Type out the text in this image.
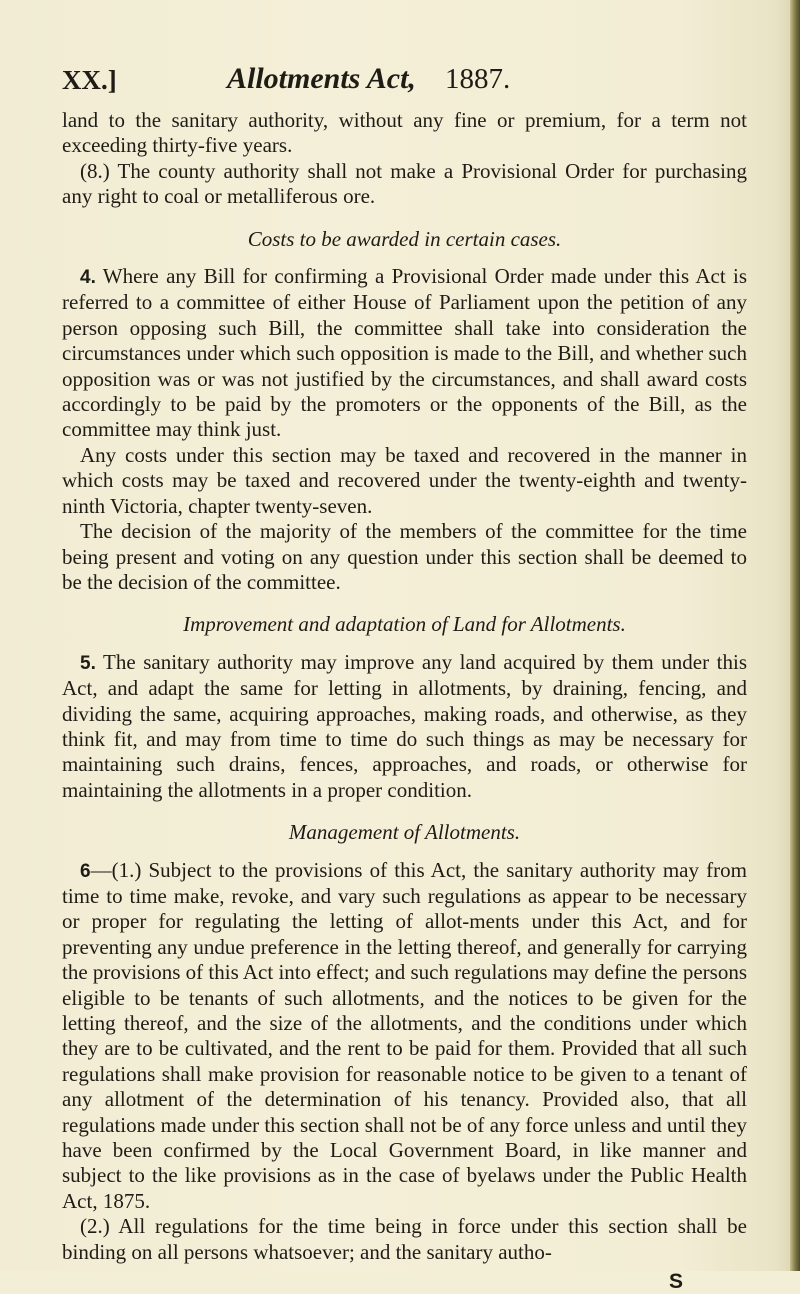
XX.]	Allotments Act, 1887.

land to the sanitary authority, without any fine or premium, for a term not exceeding thirty-five years.

(8.) The county authority shall not make a Provisional Order for purchasing any right to coal or metalliferous ore.

Costs to be awarded in certain cases.

4. Where any Bill for confirming a Provisional Order made under this Act is referred to a committee of either House of Parliament upon the petition of any person opposing such Bill, the committee shall take into consideration the circumstances under which such opposition is made to the Bill, and whether such opposition was or was not justified by the circumstances, and shall award costs accordingly to be paid by the promoters or the opponents of the Bill, as the committee may think just.

Any costs under this section may be taxed and recovered in the manner in which costs may be taxed and recovered under the twenty-eighth and twenty-ninth Victoria, chapter twenty-seven.

The decision of the majority of the members of the committee for the time being present and voting on any question under this section shall be deemed to be the decision of the committee.

Improvement and adaptation of Land for Allotments.

5. The sanitary authority may improve any land acquired by them under this Act, and adapt the same for letting in allotments, by draining, fencing, and dividing the same, acquiring approaches, making roads, and otherwise, as they think fit, and may from time to time do such things as may be necessary for maintaining such drains, fences, approaches, and roads, or otherwise for maintaining the allotments in a proper condition.

Management of Allotments.

6—(1.) Subject to the provisions of this Act, the sanitary authority may from time to time make, revoke, and vary such regulations as appear to be necessary or proper for regulating the letting of allot-ments under this Act, and for preventing any undue preference in the letting thereof, and generally for carrying the provisions of this Act into effect; and such regulations may define the persons eligible to be tenants of such allotments, and the notices to be given for the letting thereof, and the size of the allotments, and the conditions under which they are to be cultivated, and the rent to be paid for them. Provided that all such regulations shall make provision for reasonable notice to be given to a tenant of any allotment of the determination of his tenancy. Provided also, that all regulations made under this section shall not be of any force unless and until they have been confirmed by the Local Government Board, in like manner and subject to the like provisions as in the case of byelaws under the Public Health Act, 1875.

(2.) All regulations for the time being in force under this section shall be binding on all persons whatsoever; and the sanitary autho-

S
